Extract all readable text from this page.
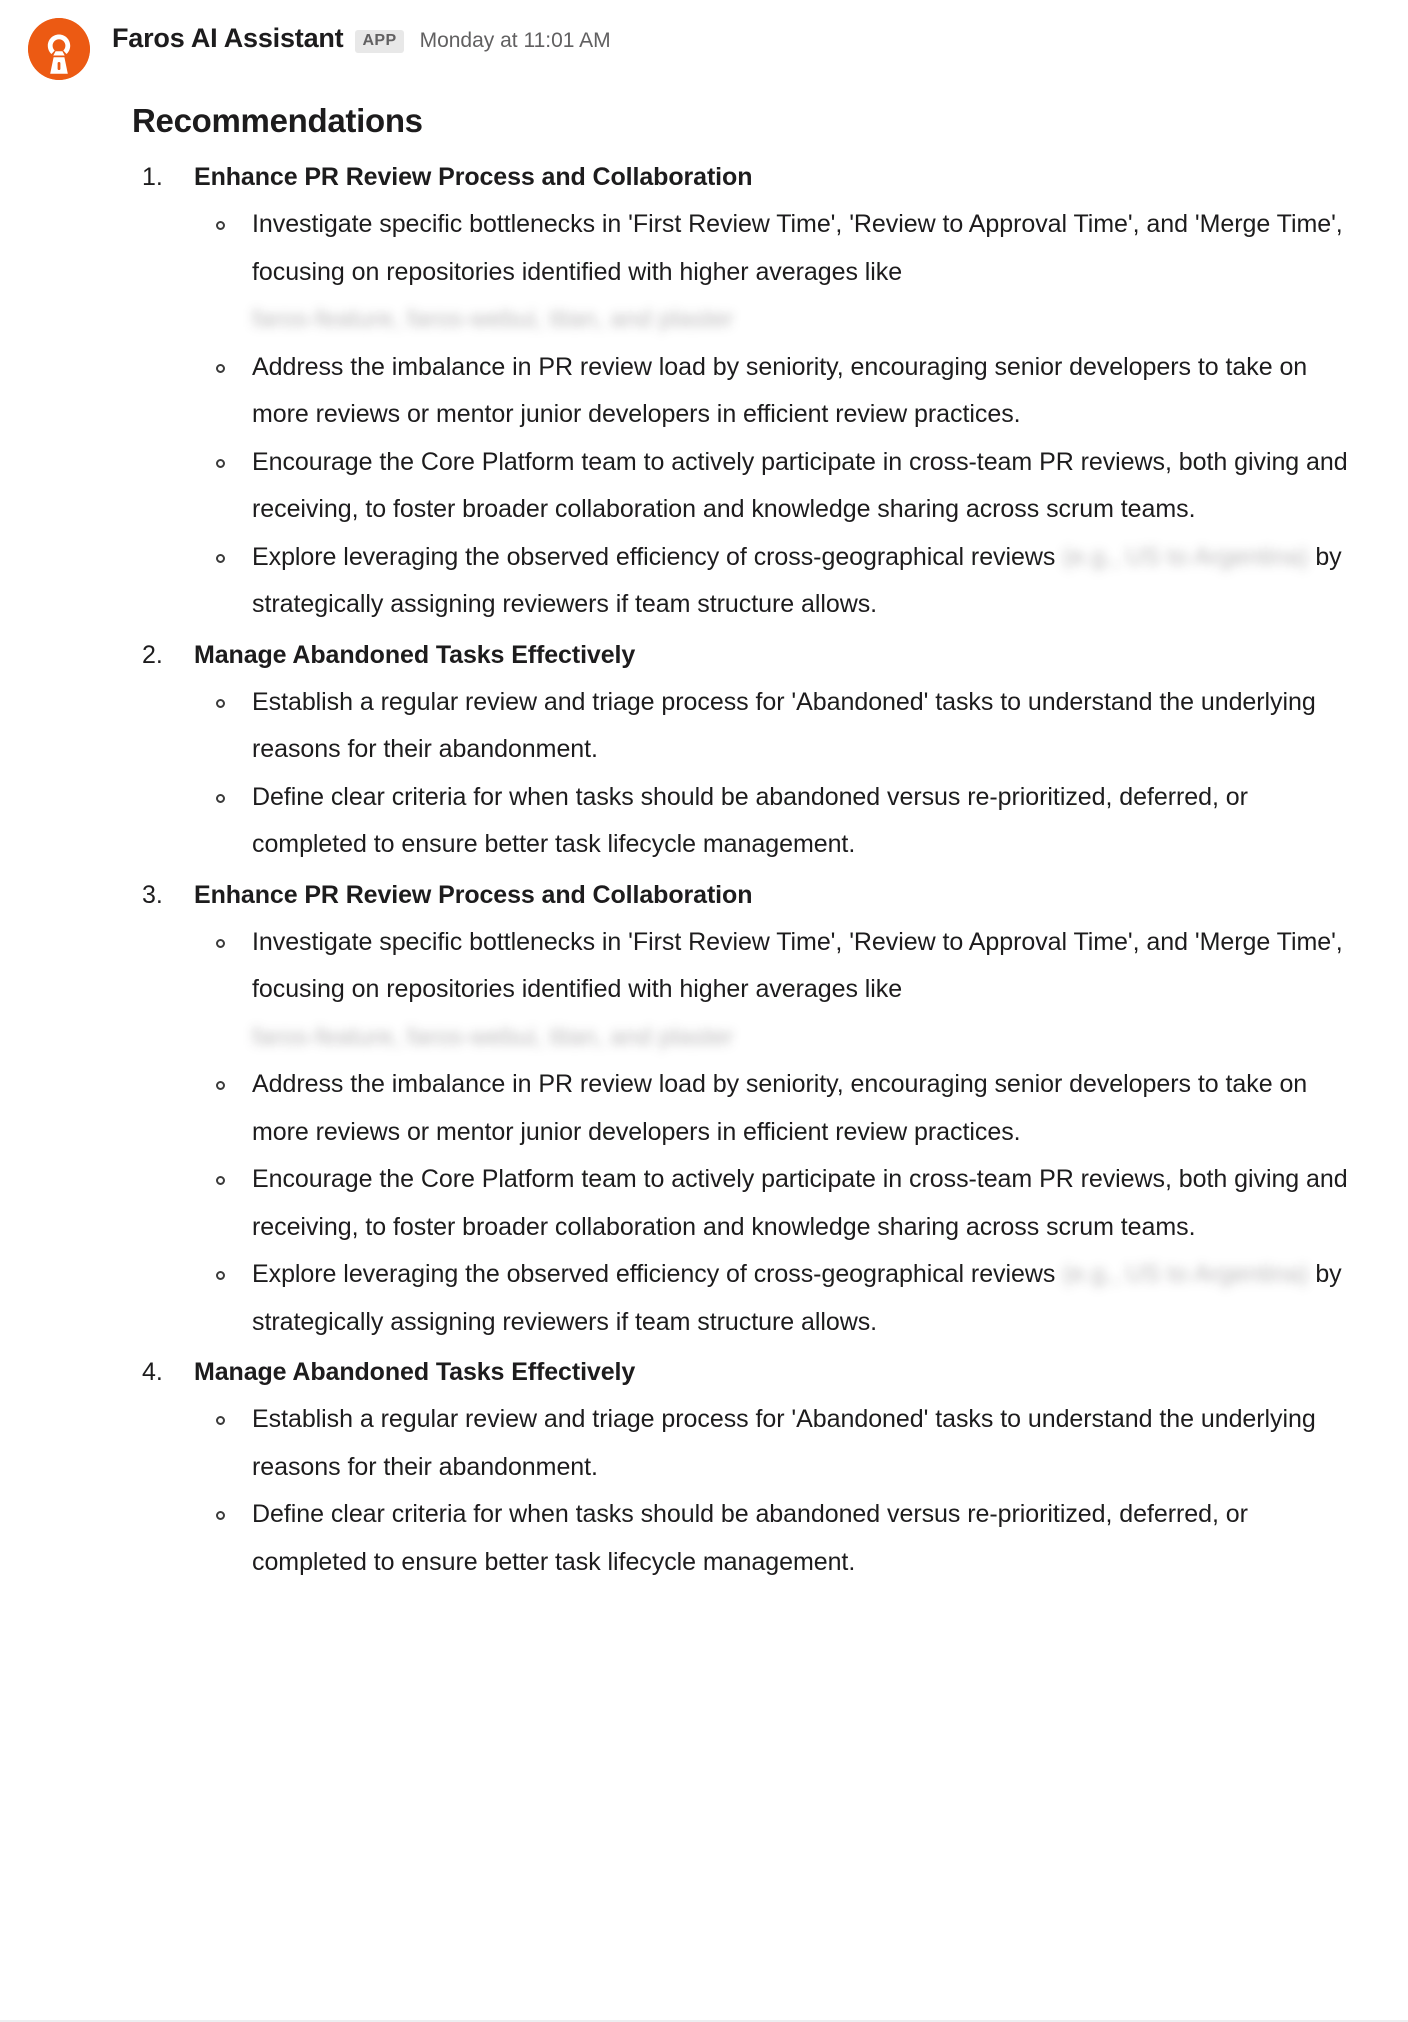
Faros AI Assistant	APP	Monday at 11:01 AM
Recommendations
Enhance PR Review Process and Collaboration
Investigate specific bottlenecks in 'First Review Time', 'Review to Approval Time', and 'Merge Time', focusing on repositories identified with higher averages like faros-feature, faros-webui, titan, and plaster
Address the imbalance in PR review load by seniority, encouraging senior developers to take on more reviews or mentor junior developers in efficient review practices.
Encourage the Core Platform team to actively participate in cross-team PR reviews, both giving and receiving, to foster broader collaboration and knowledge sharing across scrum teams.
Explore leveraging the observed efficiency of cross-geographical reviews (e.g., US to Argentina) by strategically assigning reviewers if team structure allows.
Manage Abandoned Tasks Effectively
Establish a regular review and triage process for 'Abandoned' tasks to understand the underlying reasons for their abandonment.
Define clear criteria for when tasks should be abandoned versus re-prioritized, deferred, or completed to ensure better task lifecycle management.
Enhance PR Review Process and Collaboration
Investigate specific bottlenecks in 'First Review Time', 'Review to Approval Time', and 'Merge Time', focusing on repositories identified with higher averages like faros-feature, faros-webui, titan, and plaster
Address the imbalance in PR review load by seniority, encouraging senior developers to take on more reviews or mentor junior developers in efficient review practices.
Encourage the Core Platform team to actively participate in cross-team PR reviews, both giving and receiving, to foster broader collaboration and knowledge sharing across scrum teams.
Explore leveraging the observed efficiency of cross-geographical reviews (e.g., US to Argentina) by strategically assigning reviewers if team structure allows.
Manage Abandoned Tasks Effectively
Establish a regular review and triage process for 'Abandoned' tasks to understand the underlying reasons for their abandonment.
Define clear criteria for when tasks should be abandoned versus re-prioritized, deferred, or completed to ensure better task lifecycle management.
